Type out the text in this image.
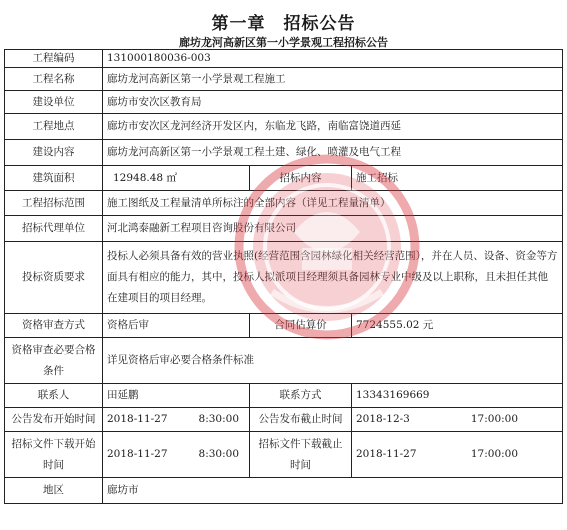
第一章　招标公告
廊坊龙河高新区第一小学景观工程招标公告
工程编码	131000180036-003		
工程名称	廊坊龙河高新区第一小学景观工程施工		
建设单位	廊坊市安次区教育局		
工程地点	廊坊市安次区龙河经济开发区内，东临龙飞路，南临富饶道西延		
建设内容	廊坊龙河高新区第一小学景观工程土建、绿化、喷灌及电气工程		
建筑面积	12948.48 ㎡	招标内容	施工招标
工程招标范围	施工图纸及工程量清单所标注的全部内容（详见工程量清单）		
招标代理单位	河北鸿泰融新工程项目咨询股份有限公司		
投标资质要求	投标人必须具备有效的营业执照(经营范围含园林绿化相关经营范围），并在人员、设备、资金等方面具有相应的能力，其中，投标人拟派项目经理须具备园林专业中级及以上职称，且未担任其他在建项目的项目经理。		
资格审查方式	资格后审	合同估算价	7724555.02 元
资格审查必要合格条件	详见资格后审必要合格条件标准		
联系人	田延鹏	联系方式	13343169669
公告发布开始时间	2018-11-27 8:30:00	公告发布截止时间	2018-12-3 17:00:00

招标文件下载开始时间	2018-11-27 8:30:00	招标文件下载截止时间	2018-11-27 17:00:00

地区	廊坊市		
